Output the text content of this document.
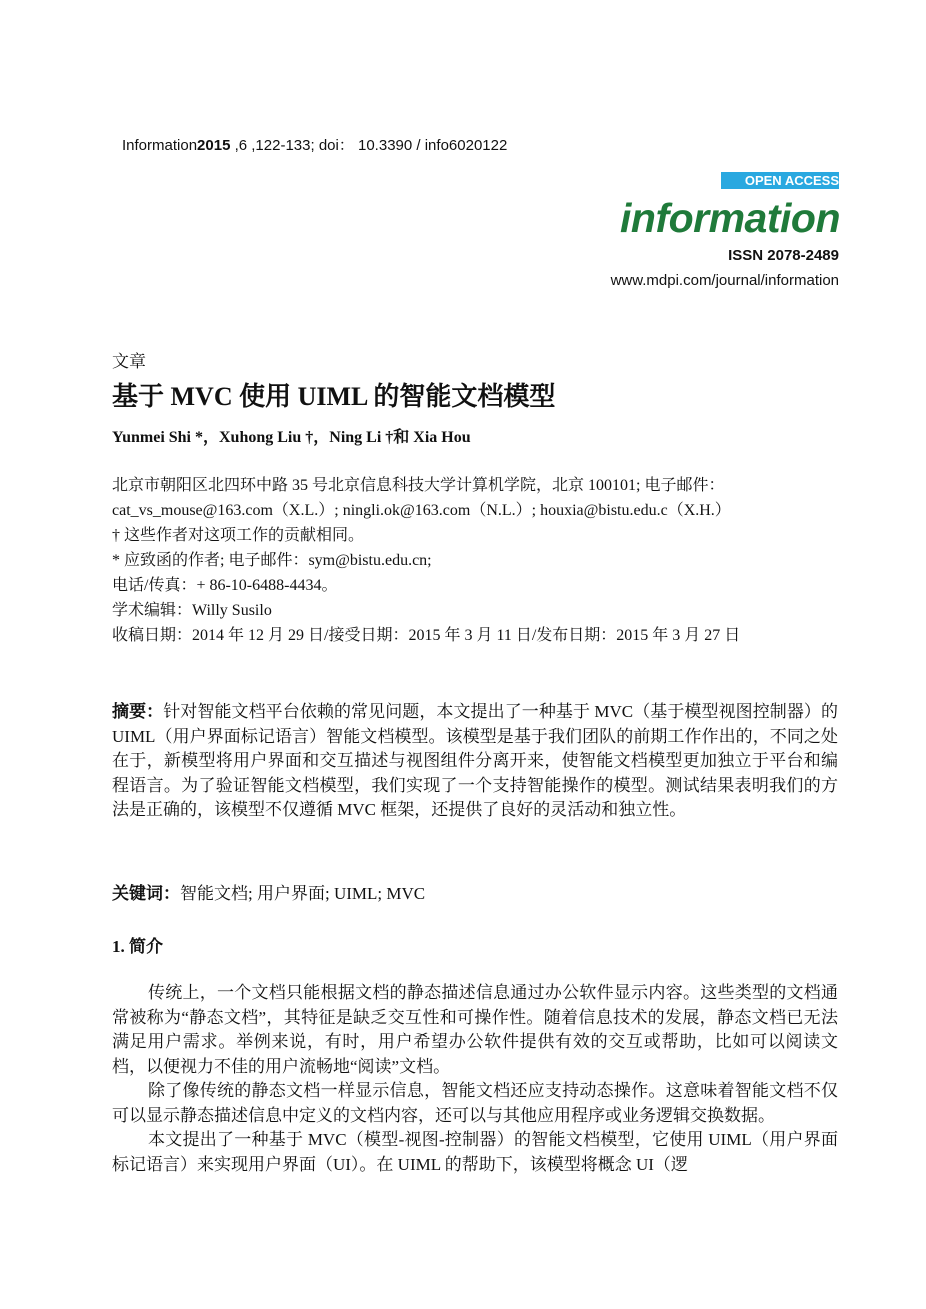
Information2015 ,6 ,122-133; doi： 10.3390 / info6020122
OPEN ACCESS
information
ISSN 2078-2489
www.mdpi.com/journal/information
文章
基于 MVC 使用 UIML 的智能文档模型
Yunmei Shi *，Xuhong Liu †，Ning Li †和 Xia Hou
北京市朝阳区北四环中路 35 号北京信息科技大学计算机学院，北京 100101; 电子邮件：
cat_vs_mouse@163.com（X.L.）; ningli.ok@163.com（N.L.）; houxia@bistu.edu.c（X.H.）
† 这些作者对这项工作的贡献相同。
* 应致函的作者; 电子邮件：sym@bistu.edu.cn;
电话/传真：+ 86-10-6488-4434。
学术编辑：Willy Susilo
收稿日期：2014 年 12 月 29 日/接受日期：2015 年 3 月 11 日/发布日期：2015 年 3 月 27 日
摘要：针对智能文档平台依赖的常见问题，本文提出了一种基于 MVC（基于模型视图控制器）的 UIML（用户界面标记语言）智能文档模型。该模型是基于我们团队的前期工作作出的，不同之处在于，新模型将用户界面和交互描述与视图组件分离开来，使智能文档模型更加独立于平台和编程语言。为了验证智能文档模型，我们实现了一个支持智能操作的模型。测试结果表明我们的方法是正确的，该模型不仅遵循 MVC 框架，还提供了良好的灵活动和独立性。
关键词：智能文档; 用户界面; UIML; MVC
1. 简介

传统上，一个文档只能根据文档的静态描述信息通过办公软件显示内容。这些类型的文档通常被称为“静态文档”，其特征是缺乏交互性和可操作性。随着信息技术的发展，静态文档已无法满足用户需求。举例来说，有时，用户希望办公软件提供有效的交互或帮助，比如可以阅读文档，以便视力不佳的用户流畅地“阅读”文档。

除了像传统的静态文档一样显示信息，智能文档还应支持动态操作。这意味着智能文档不仅可以显示静态描述信息中定义的文档内容，还可以与其他应用程序或业务逻辑交换数据。

本文提出了一种基于 MVC（模型-视图-控制器）的智能文档模型，它使用 UIML（用户界面标记语言）来实现用户界面（UI）。在 UIML 的帮助下，该模型将概念 UI（逻
